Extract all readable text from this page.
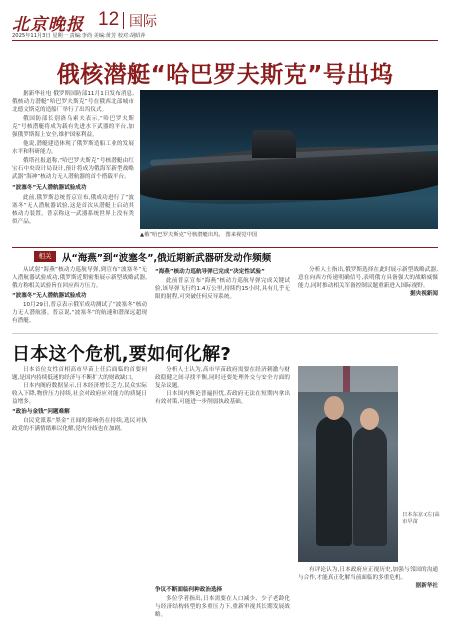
北京晚报 12 国际
2025年11月3日 星期一 责编:李尚 美编:黄芳 校对:胡昭萍
俄核潜艇“哈巴罗夫斯克”号出坞

据新华社电 俄罗斯国防部11月1日发布消息,俄核动力潜艇“哈巴罗夫斯克”号在俄西北部城市北德文斯克的造船厂举行了出坞仪式。

俄国防部长别洛乌索夫表示,“哈巴罗夫斯克”号核潜艇将成为载有先进水下武器的平台,加强俄罗斯海上安全,维护国家利益。

他说,潜艇建造体现了俄罗斯造船工业的发展水平和科研能力。

俄塔社报道称,“哈巴罗夫斯克”号核潜艇由红宝石中央设计局设计,预计将成为俄海军新型战略武器“海神”核动力无人潜航器的首个搭载平台。

“波塞冬”无人潜航器试验成功

此前,俄罗斯总统普京宣布,俄成功进行了“波塞冬”无人潜航器试验,这是首次从潜艇上启动其核动力装置。普京称这一武器系统世界上没有类似产品。

▲俄“哈巴罗夫斯克”号核潜艇出坞。 图来视觉中国
相关	从“海燕”到“波塞冬”,俄近期新武器研发动作频频

从试射“海燕”核动力巡航导弹,到宣布“波塞冬”无人潜航器试验成功,俄罗斯近期密集展示新型战略武器,俄方称相关试验旨在回应西方压力。

“波塞冬”无人潜航器试验成功

10月29日,普京表示俄军成功测试了“波塞冬”核动力无人潜航器。普京说,“波塞冬”的航速和潜深远超现有潜艇。

“海燕”核动力巡航导弹已完成“决定性试验”

此前普京宣布“海燕”核动力巡航导弹完成关键试验,该导弹飞行约1.4万公里,持续约15小时,具有几乎无限的射程,可突破任何反导系统。

分析人士指出,俄罗斯选择在此时展示新型战略武器,意在向西方传递明确信号,表明俄方具备强大的战略威慑能力,同时推动相关军备控制议题重新进入国际视野。

据央视新闻

日本这个危机,要如何化解?

日本首位女性首相高市早苗上任后面临的首要问题,是国内持续低迷的经济与不断扩大的财政缺口。

日本内阁府数据显示,日本经济增长乏力,民众实际收入下降,物价压力持续,社会对政府应对能力的质疑日益增多。

“政治与金钱”问题难解

自民党派系“黑金”丑闻的影响仍在持续,选民对执政党的不满情绪难以化解,党内分歧也在加剧。

分析人士认为,高市早苗政府需要在经济刺激与财政稳健之间寻找平衡,同时还要处理外交与安全方面的复杂议题。

日本国内舆论普遍担忧,若政府无法在短期内拿出有效对策,可能进一步削弱执政基础。

争议不断面临何种政治选择

多位学者指出,日本需要在人口减少、少子老龄化与经济结构转型的多重压力下,重新审视其长期发展战略。

日本东京:(左)高市早苗

有评论认为,日本政府应正视历史,加强与邻国的沟通与合作,才能真正化解当前面临的多重危机。

据新华社
